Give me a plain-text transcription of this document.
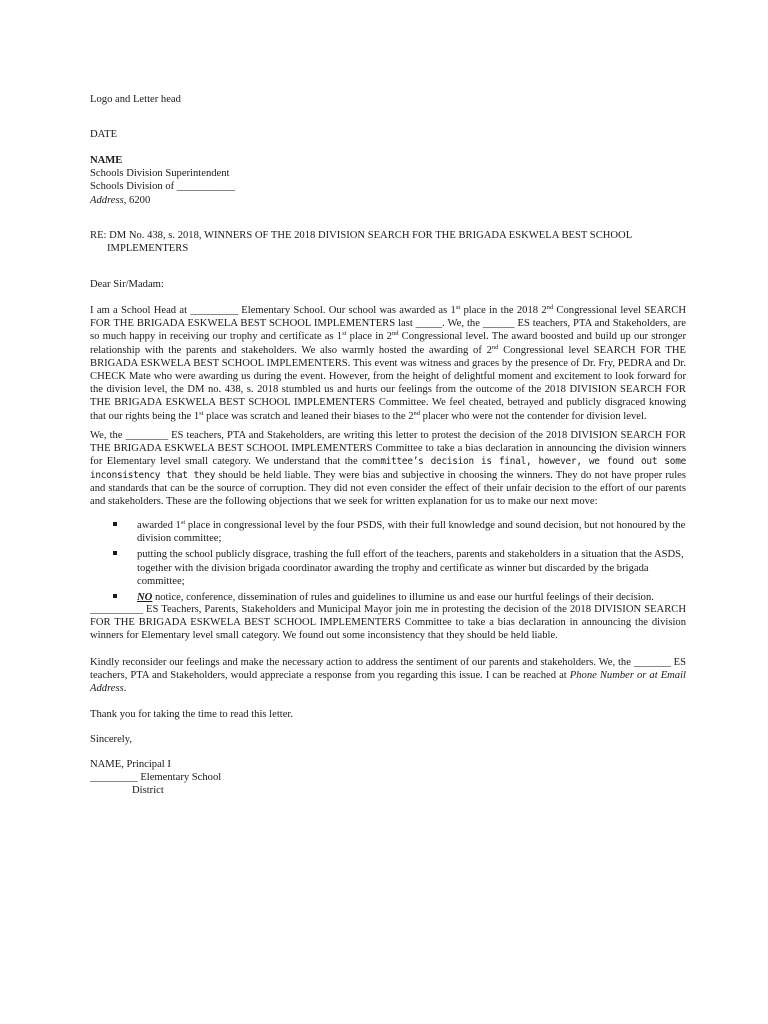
Logo and Letter head

DATE

NAME
Schools Division Superintendent
Schools Division of ___________
Address, 6200
RE: DM No. 438, s. 2018, WINNERS OF THE 2018 DIVISION SEARCH FOR THE BRIGADA ESKWELA BEST SCHOOL
IMPLEMENTERS

Dear Sir/Madam:

I am a School Head at _________ Elementary School. Our school was awarded as 1st place in the 2018 2nd Congressional level SEARCH FOR THE BRIGADA ESKWELA BEST SCHOOL IMPLEMENTERS last _____. We, the ______ ES teachers, PTA and Stakeholders, are so much happy in receiving our trophy and certificate as 1st place in 2nd Congressional level. The award boosted and build up our stronger relationship with the parents and stakeholders. We also warmly hosted the awarding of 2nd Congressional level SEARCH FOR THE BRIGADA ESKWELA BEST SCHOOL IMPLEMENTERS. This event was witness and graces by the presence of Dr. Fry, PEDRA and Dr. CHECK Mate who were awarding us during the event. However, from the height of delightful moment and excitement to look forward for the division level, the DM no. 438, s. 2018 stumbled us and hurts our feelings from the outcome of the 2018 DIVISION SEARCH FOR THE BRIGADA ESKWELA BEST SCHOOL IMPLEMENTERS Committee. We feel cheated, betrayed and publicly disgraced knowing that our rights being the 1st place was scratch and leaned their biases to the 2nd placer who were not the contender for division level.

We, the ________ ES teachers, PTA and Stakeholders, are writing this letter to protest the decision of the 2018 DIVISION SEARCH FOR THE BRIGADA ESKWELA BEST SCHOOL IMPLEMENTERS Committee to take a bias declaration in announcing the division winners for Elementary level small category. We understand that the committee’s decision is final, however, we found out some inconsistency that they should be held liable. They were bias and subjective in choosing the winners. They do not have proper rules and standards that can be the source of corruption. They did not even consider the effect of their unfair decision to the effort of our parents and stakeholders. These are the following objections that we seek for written explanation for us to make our next move:

awarded 1st place in congressional level by the four PSDS, with their full knowledge and sound decision, but not honoured by the division committee;
putting the school publicly disgrace, trashing the full effort of the teachers, parents and stakeholders in a situation that the ASDS, together with the division brigada coordinator awarding the trophy and certificate as winner but discarded by the brigada committee;
NO notice, conference, dissemination of rules and guidelines to illumine us and ease our hurtful feelings of their decision.

__________ ES Teachers, Parents, Stakeholders and Municipal Mayor join me in protesting the decision of the 2018 DIVISION SEARCH FOR THE BRIGADA ESKWELA BEST SCHOOL IMPLEMENTERS Committee to take a bias declaration in announcing the division winners for Elementary level small category. We found out some inconsistency that they should be held liable.

Kindly reconsider our feelings and make the necessary action to address the sentiment of our parents and stakeholders. We, the _______ ES teachers, PTA and Stakeholders, would appreciate a response from you regarding this issue. I can be reached at Phone Number or at Email Address.

Thank you for taking the time to read this letter.

Sincerely,

NAME, Principal I
_________ Elementary School
District
